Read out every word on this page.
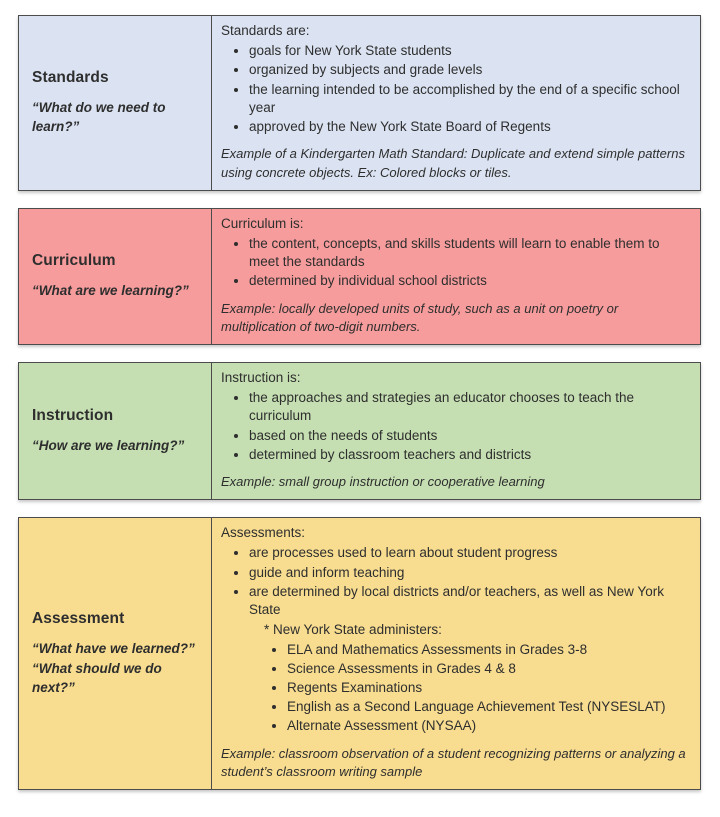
Standards

“What do we need to learn?”

Standards are:
• goals for New York State students
• organized by subjects and grade levels
• the learning intended to be accomplished by the end of a specific school year
• approved by the New York State Board of Regents
Example of a Kindergarten Math Standard: Duplicate and extend simple patterns using concrete objects. Ex: Colored blocks or tiles.
Curriculum

“What are we learning?”

Curriculum is:
• the content, concepts, and skills students will learn to enable them to meet the standards
• determined by individual school districts
Example: locally developed units of study, such as a unit on poetry or multiplication of two-digit numbers.
Instruction

“How are we learning?”

Instruction is:
• the approaches and strategies an educator chooses to teach the curriculum
• based on the needs of students
• determined by classroom teachers and districts
Example: small group instruction or cooperative learning
Assessment

“What have we learned?”

“What should we do next?”

Assessments:
• are processes used to learn about student progress
• guide and inform teaching
• are determined by local districts and/or teachers, as well as New York State
* New York State administers:
• ELA and Mathematics Assessments in Grades 3-8
• Science Assessments in Grades 4 & 8
• Regents Examinations
• English as a Second Language Achievement Test (NYSESLAT)
• Alternate Assessment (NYSAA)
Example: classroom observation of a student recognizing patterns or analyzing a student’s classroom writing sample
